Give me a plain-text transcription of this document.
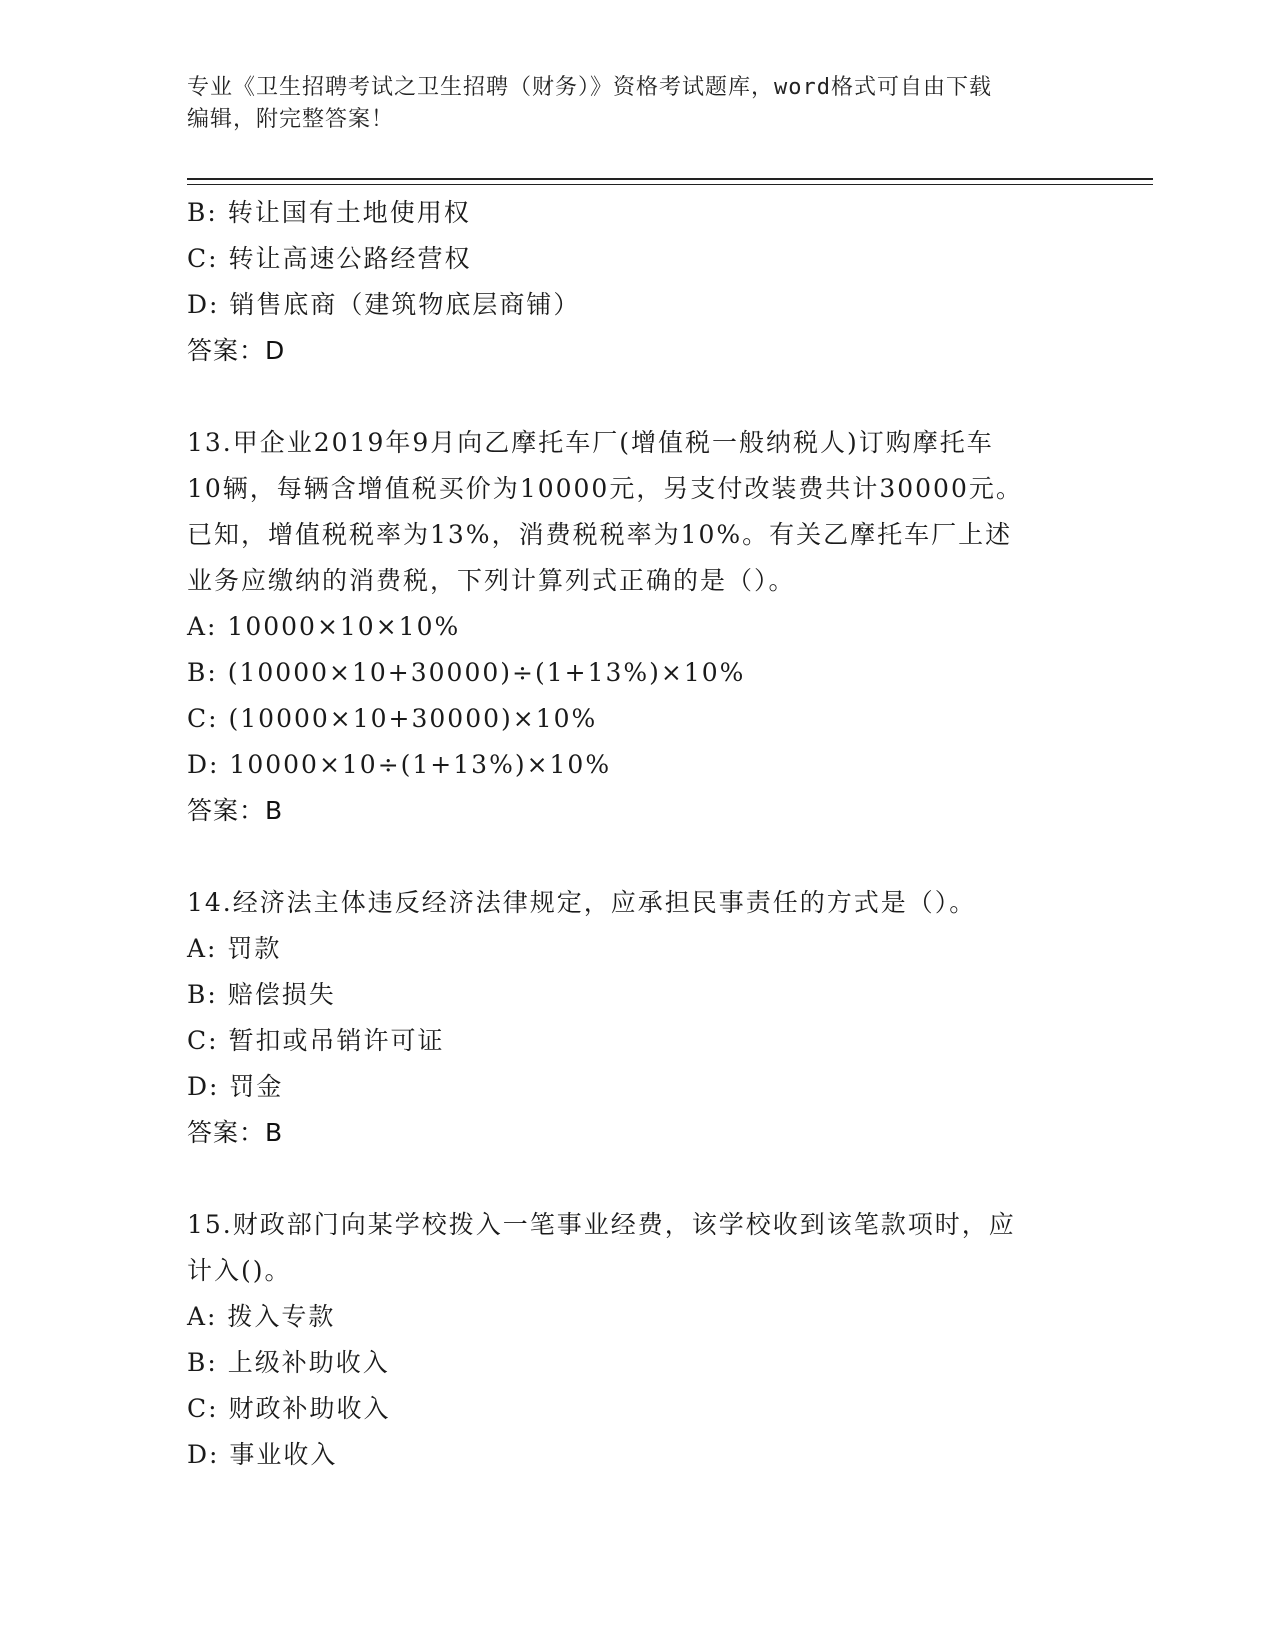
专业《卫生招聘考试之卫生招聘（财务）》资格考试题库，word格式可自由下载
编辑，附完整答案！
B: 转让国有土地使用权
C: 转让高速公路经营权
D: 销售底商（建筑物底层商铺）
答案：D
13.甲企业2019年9月向乙摩托车厂(增值税一般纳税人)订购摩托车
10辆，每辆含增值税买价为10000元，另支付改装费共计30000元。
已知，增值税税率为13%，消费税税率为10%。有关乙摩托车厂上述
业务应缴纳的消费税，下列计算列式正确的是（）。
A: 10000×10×10%
B: (10000×10+30000)÷(1+13%)×10%
C: (10000×10+30000)×10%
D: 10000×10÷(1+13%)×10%
答案：B
14.经济法主体违反经济法律规定，应承担民事责任的方式是（）。
A: 罚款
B: 赔偿损失
C: 暂扣或吊销许可证
D: 罚金
答案：B
15.财政部门向某学校拨入一笔事业经费，该学校收到该笔款项时，应
计入()。
A: 拨入专款
B: 上级补助收入
C: 财政补助收入
D: 事业收入
